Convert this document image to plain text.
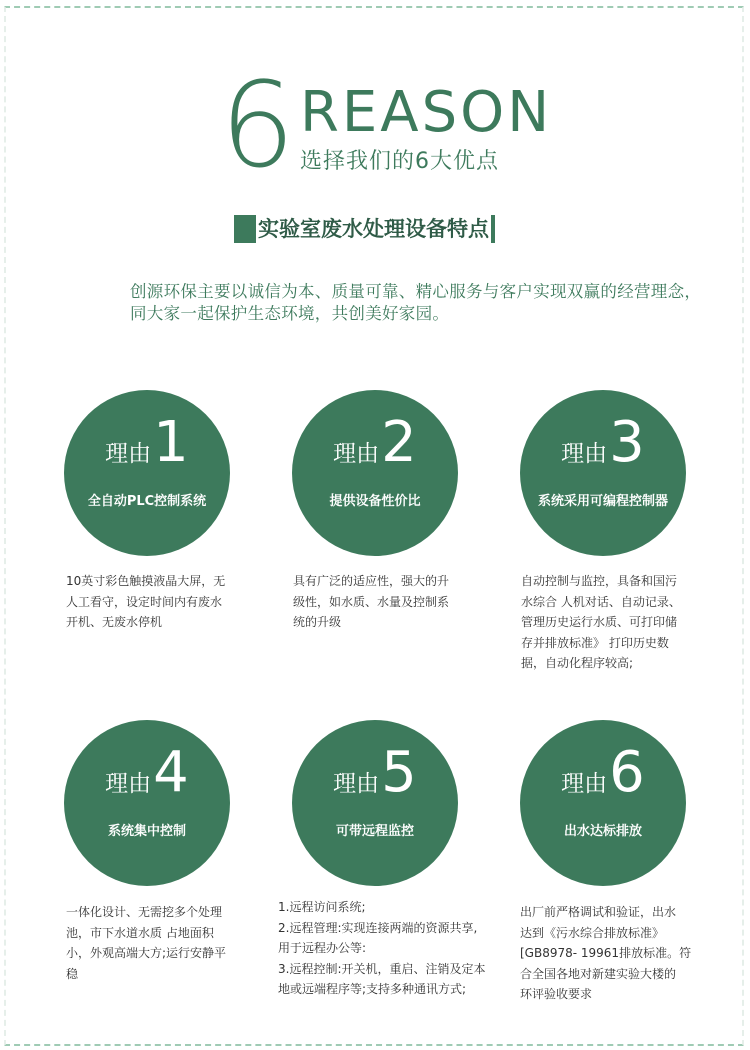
6 REASON
选择我们的6大优点
实验室废水处理设备特点
创源环保主要以诚信为本、质量可靠、精心服务与客户实现双赢的经营理念，
同大家一起保护生态环境，共创美好家园。
理由1
全自动PLC控制系统
10英寸彩色触摸液晶大屏，无
人工看守，设定时间内有废水
开机、无废水停机
理由2
提供设备性价比
具有广泛的适应性，强大的升
级性，如水质、水量及控制系
统的升级
理由3
系统采用可编程控制器
自动控制与监控，具备和国污
水综合 人机对话、自动记录、
管理历史运行水质、可打印储
存并排放标准》 打印历史数
据，自动化程序较高;
理由4
系统集中控制
一体化设计、无需挖多个处理
池，市下水道水质 占地面积
小，外观高端大方;运行安静平
稳
理由5
可带远程监控
1.远程访问系统;
2.远程管理:实现连接两端的资源共享,
用于远程办公等:
3.远程控制:开关机，重启、注销及定本
地或远端程序等;支持多种通讯方式;
理由6
出水达标排放
出厂前严格调试和验证，出水
达到《污水综合排放标准》
[GB8978- 19961排放标准。符
合全国各地对新建实验大楼的
环评验收要求
